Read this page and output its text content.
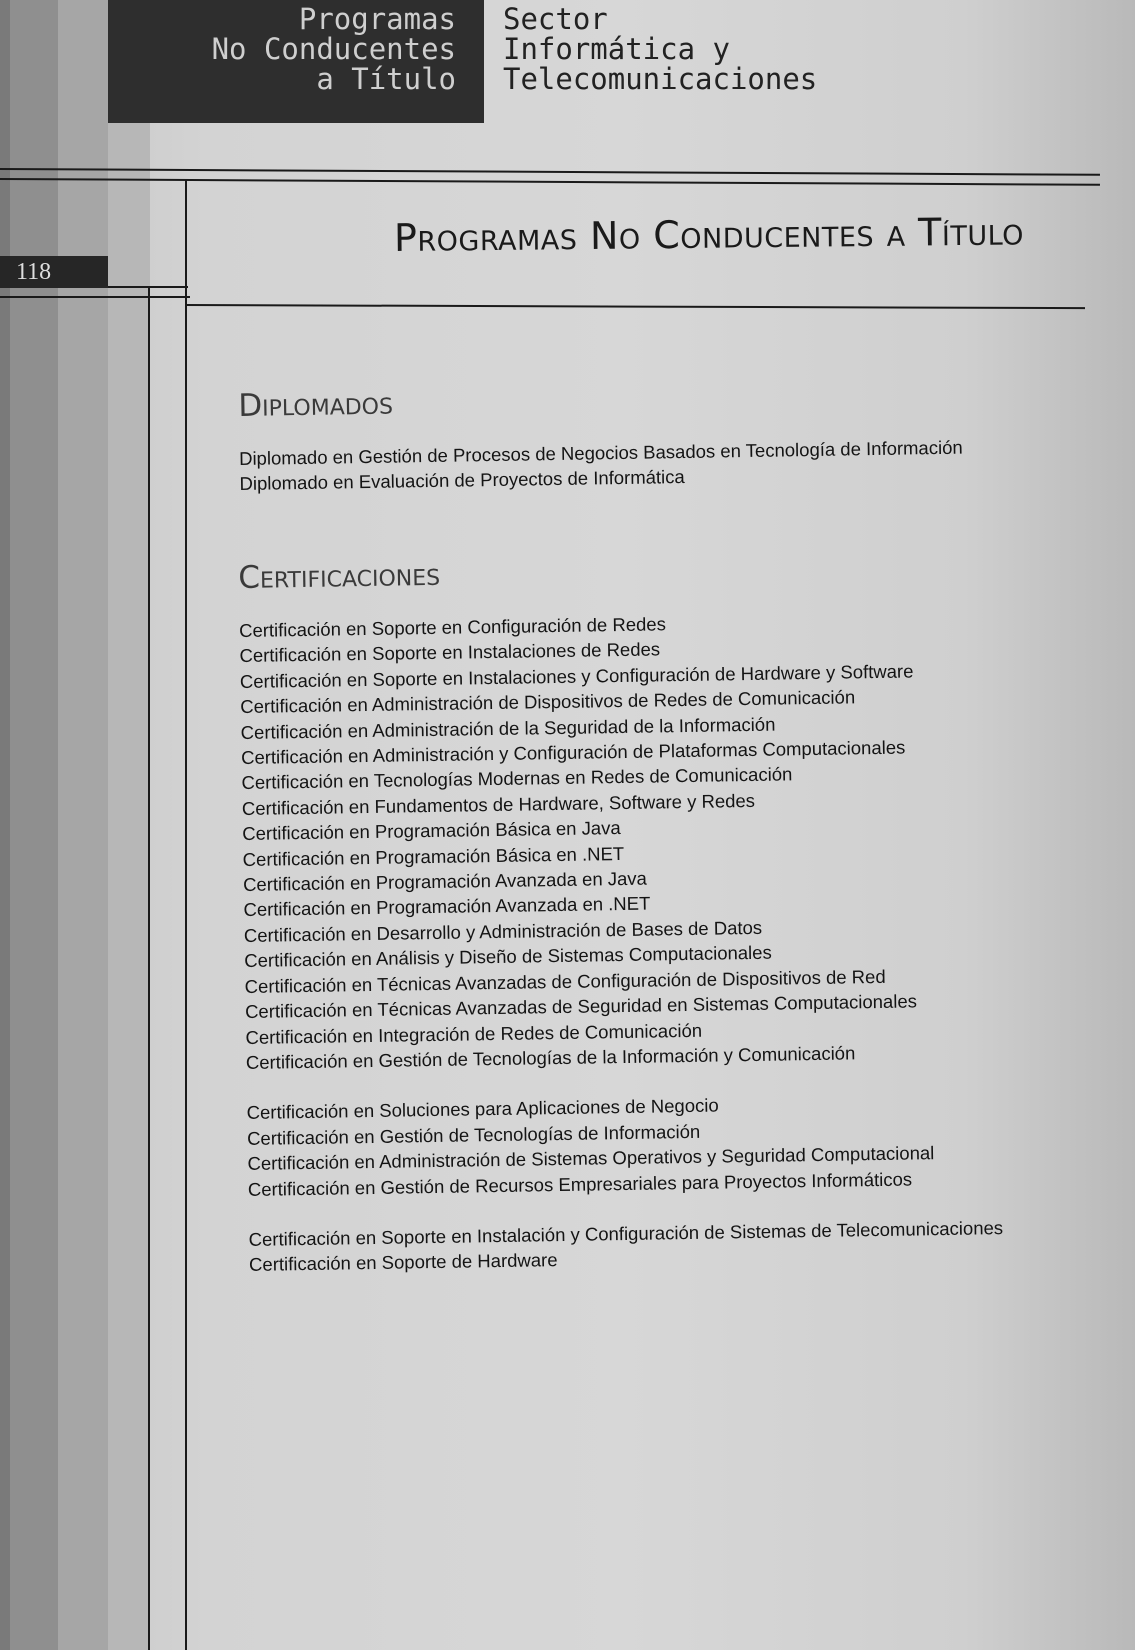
Programas
No Conducentes
a Título
Sector
Informática y
Telecomunicaciones
118
Programas No Conducentes a Título
Diplomados
Diplomado en Gestión de Procesos de Negocios Basados en Tecnología de Información
Diplomado en Evaluación de Proyectos de Informática
Certificaciones
Certificación en Soporte en Configuración de Redes
Certificación en Soporte en Instalaciones de Redes
Certificación en Soporte en Instalaciones y Configuración de Hardware y Software
Certificación en Administración de Dispositivos de Redes de Comunicación
Certificación en Administración de la Seguridad de la Información
Certificación en Administración y Configuración de Plataformas Computacionales
Certificación en Tecnologías Modernas en Redes de Comunicación
Certificación en Fundamentos de Hardware, Software y Redes
Certificación en Programación Básica en Java
Certificación en Programación Básica en .NET
Certificación en Programación Avanzada en Java
Certificación en Programación Avanzada en .NET
Certificación en Desarrollo y Administración de Bases de Datos
Certificación en Análisis y Diseño de Sistemas Computacionales
Certificación en Técnicas Avanzadas de Configuración de Dispositivos de Red
Certificación en Técnicas Avanzadas de Seguridad en Sistemas Computacionales
Certificación en Integración de Redes de Comunicación
Certificación en Gestión de Tecnologías de la Información y Comunicación
Certificación en Soluciones para Aplicaciones de Negocio
Certificación en Gestión de Tecnologías de Información
Certificación en Administración de Sistemas Operativos y Seguridad Computacional
Certificación en Gestión de Recursos Empresariales para Proyectos Informáticos
Certificación en Soporte en Instalación y Configuración de Sistemas de Telecomunicaciones
Certificación en Soporte de Hardware
